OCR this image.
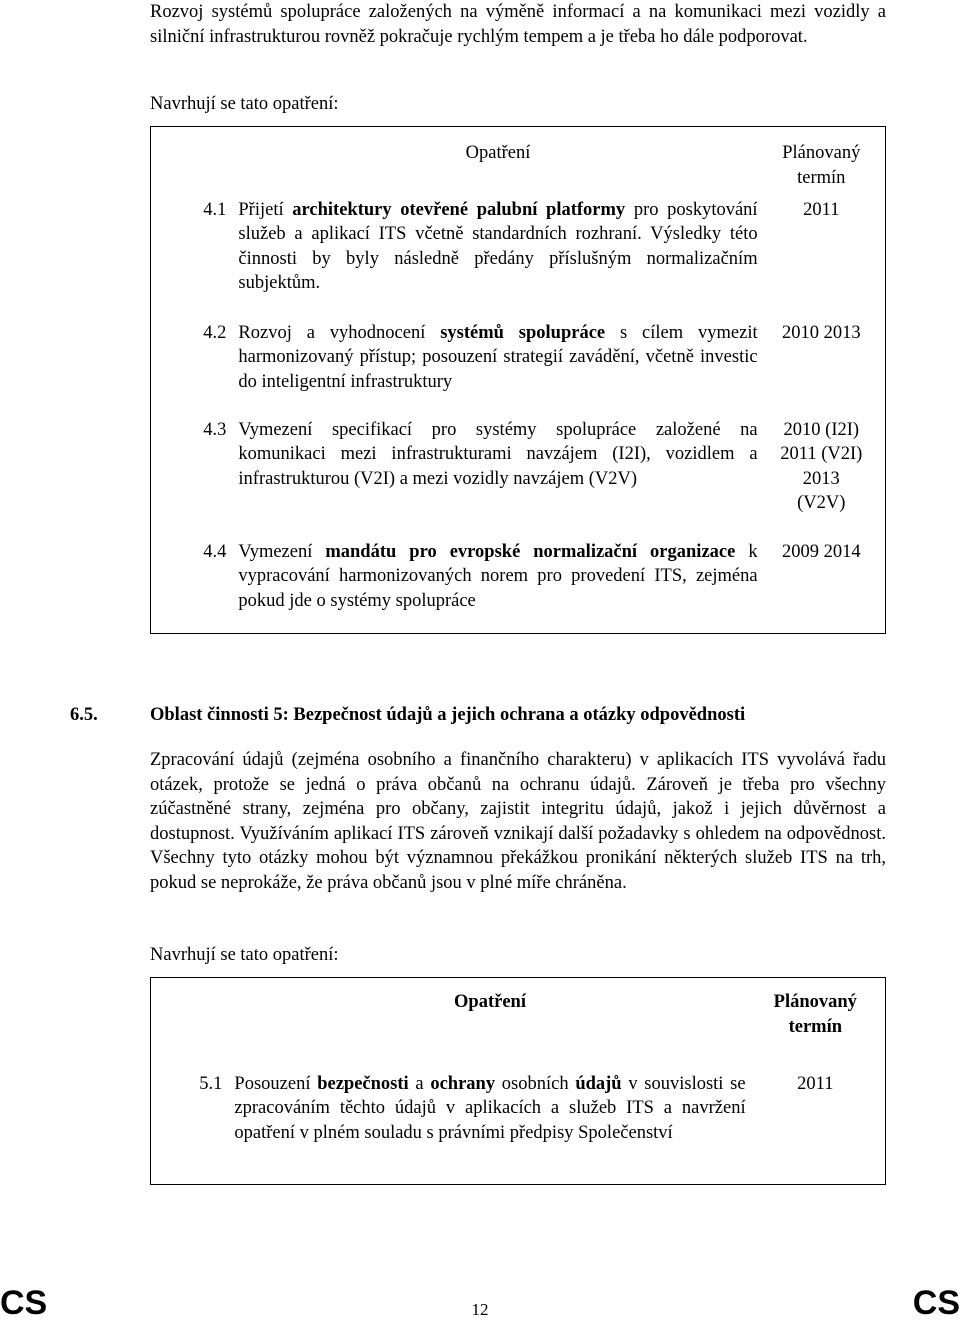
Rozvoj systémů spolupráce založených na výměně informací a na komunikaci mezi vozidly a silniční infrastrukturou rovněž pokračuje rychlým tempem a je třeba ho dále podporovat.

Navrhují se tato opatření:

	Opatření	Plánovaný termín
4.1	Přijetí architektury otevřené palubní platformy pro poskytování služeb a aplikací ITS včetně standardních rozhraní. Výsledky této činnosti by byly následně předány příslušným normalizačním subjektům.	2011
4.2	Rozvoj a vyhodnocení systémů spolupráce s cílem vymezit harmonizovaný přístup; posouzení strategií zavádění, včetně investic do inteligentní infrastruktury	2010 2013
4.3	Vymezení specifikací pro systémy spolupráce založené na komunikaci mezi infrastrukturami navzájem (I2I), vozidlem a infrastrukturou (V2I) a mezi vozidly navzájem (V2V)	2010 (I2I)
2011 (V2I)
2013
(V2V)

4.4	Vymezení mandátu pro evropské normalizační organizace k vypracování harmonizovaných norem pro provedení ITS, zejména pokud jde o systémy spolupráce	2009 2014
6.5.	Oblast činnosti 5: Bezpečnost údajů a jejich ochrana a otázky odpovědnosti

Zpracování údajů (zejména osobního a finančního charakteru) v aplikacích ITS vyvolává řadu otázek, protože se jedná o práva občanů na ochranu údajů. Zároveň je třeba pro všechny zúčastněné strany, zejména pro občany, zajistit integritu údajů, jakož i jejich důvěrnost a dostupnost. Využíváním aplikací ITS zároveň vznikají další požadavky s ohledem na odpovědnost. Všechny tyto otázky mohou být významnou překážkou pronikání některých služeb ITS na trh, pokud se neprokáže, že práva občanů jsou v plné míře chráněna.

Navrhují se tato opatření:

	Opatření	Plánovaný termín
5.1	Posouzení bezpečnosti a ochrany osobních údajů v souvislosti se zpracováním těchto údajů v aplikacích a služeb ITS a navržení opatření v plném souladu s právními předpisy Společenství	2011
CS	12	CS
